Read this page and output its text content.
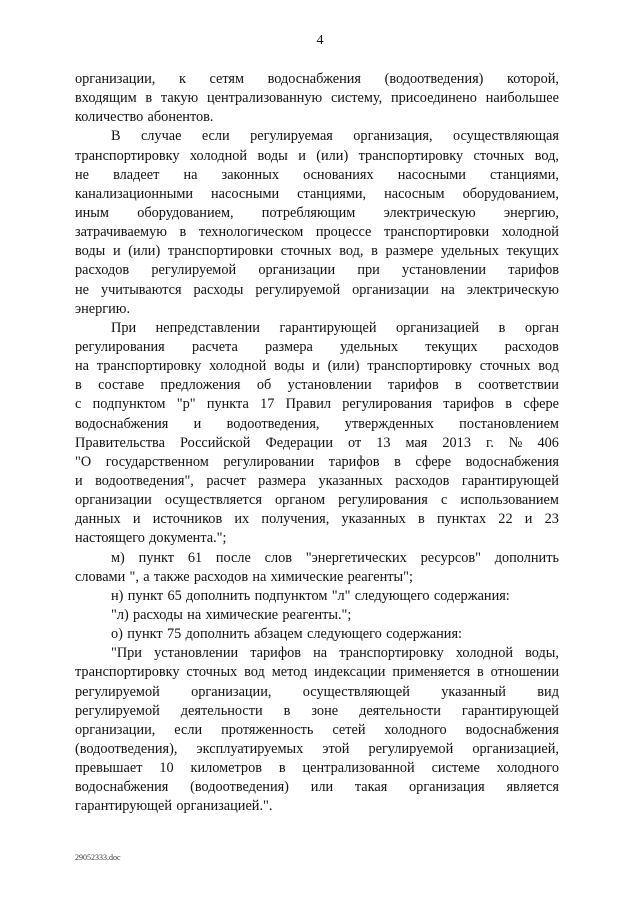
4
организации, к сетям водоснабжения (водоотведения) которой,
входящим в такую централизованную систему, присоединено наибольшее
количество абонентов.
В случае если регулируемая организация, осуществляющая
транспортировку холодной воды и (или) транспортировку сточных вод,
не владеет на законных основаниях насосными станциями,
канализационными насосными станциями, насосным оборудованием,
иным оборудованием, потребляющим электрическую энергию,
затрачиваемую в технологическом процессе транспортировки холодной
воды и (или) транспортировки сточных вод, в размере удельных текущих
расходов регулируемой организации при установлении тарифов
не учитываются расходы регулируемой организации на электрическую
энергию.
При непредставлении гарантирующей организацией в орган
регулирования расчета размера удельных текущих расходов
на транспортировку холодной воды и (или) транспортировку сточных вод
в составе предложения об установлении тарифов в соответствии
с подпунктом "р" пункта 17 Правил регулирования тарифов в сфере
водоснабжения и водоотведения, утвержденных постановлением
Правительства Российской Федерации от 13 мая 2013 г. № 406
"О государственном регулировании тарифов в сфере водоснабжения
и водоотведения", расчет размера указанных расходов гарантирующей
организации осуществляется органом регулирования с использованием
данных и источников их получения, указанных в пунктах 22 и 23
настоящего документа.";
м) пункт 61 после слов "энергетических ресурсов" дополнить
словами ", а также расходов на химические реагенты";
н) пункт 65 дополнить подпунктом "л" следующего содержания:
"л) расходы на химические реагенты.";
о) пункт 75 дополнить абзацем следующего содержания:
"При установлении тарифов на транспортировку холодной воды,
транспортировку сточных вод метод индексации применяется в отношении
регулируемой организации, осуществляющей указанный вид
регулируемой деятельности в зоне деятельности гарантирующей
организации, если протяженность сетей холодного водоснабжения
(водоотведения), эксплуатируемых этой регулируемой организацией,
превышает 10 километров в централизованной системе холодного
водоснабжения (водоотведения) или такая организация является
гарантирующей организацией.".
29052333.doc
